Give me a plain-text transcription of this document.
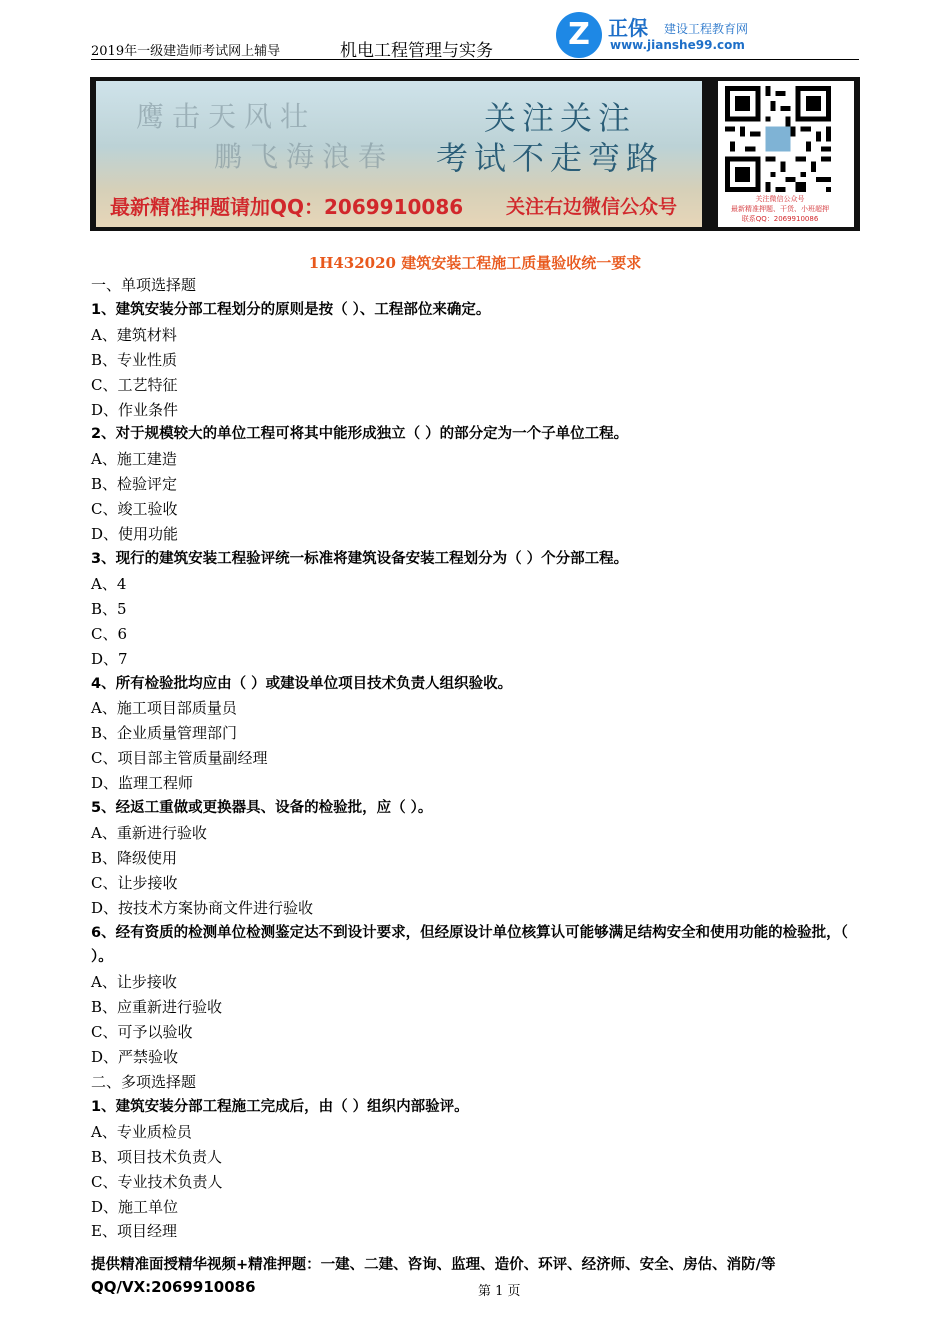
2019年一级建造师考试网上辅导	机电工程管理与实务	Z 正保 建设工程教育网
www.jianshe99.com
鹰击天风壮
鹏飞海浪春
关注关注
考试不走弯路
最新精准押题请加QQ：2069910086 关注右边微信公众号	关注微信公众号
最新精准押题、干货、小班超押
联系QQ：2069910086
1H432020 建筑安装工程施工质量验收统一要求
一、单项选择题
1、建筑安装分部工程划分的原则是按（ ）、工程部位来确定。
A、建筑材料
B、专业性质
C、工艺特征
D、作业条件
2、对于规模较大的单位工程可将其中能形成独立（ ）的部分定为一个子单位工程。
A、施工建造
B、检验评定
C、竣工验收
D、使用功能
3、现行的建筑安装工程验评统一标准将建筑设备安装工程划分为（ ）个分部工程。
A、4
B、5
C、6
D、7
4、所有检验批均应由（ ）或建设单位项目技术负责人组织验收。
A、施工项目部质量员
B、企业质量管理部门
C、项目部主管质量副经理
D、监理工程师
5、经返工重做或更换器具、设备的检验批，应（ ）。
A、重新进行验收
B、降级使用
C、让步接收
D、按技术方案协商文件进行验收
6、经有资质的检测单位检测鉴定达不到设计要求，但经原设计单位核算认可能够满足结构安全和使用功能的检验批，（ ）。
A、让步接收
B、应重新进行验收
C、可予以验收
D、严禁验收
二、多项选择题
1、建筑安装分部工程施工完成后，由（ ）组织内部验评。
A、专业质检员
B、项目技术负责人
C、专业技术负责人
D、施工单位
E、项目经理
提供精准面授精华视频+精准押题：一建、二建、咨询、监理、造价、环评、经济师、安全、房估、消防/等
QQ/VX:2069910086	第 1 页
